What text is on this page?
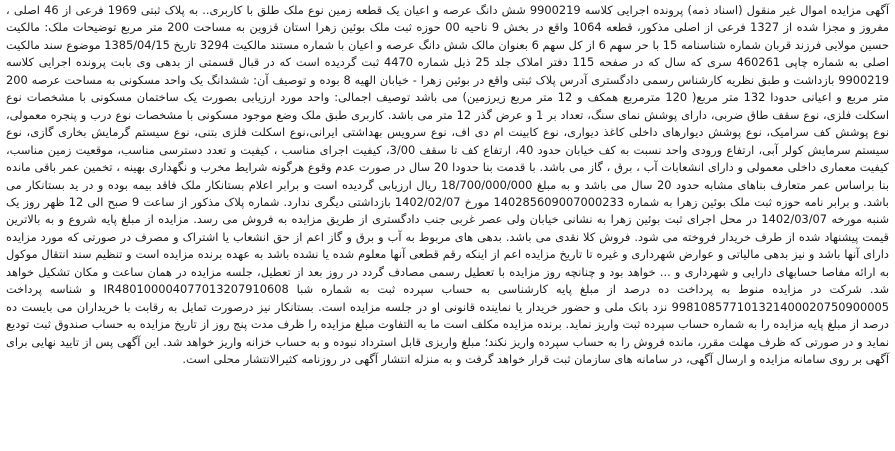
آگهی مزایده اموال غیر منقول (اسناد ذمه) پرونده اجرایی کلاسه 9900219 شش دانگ عرصه و اعیان یک قطعه زمین نوع ملک طلق با کاربری.. به پلاک ثبتی 1969 فرعی از 46 اصلی ، مفروز و مجزا شده از 1327 فرعی از اصلی مذکور، قطعه 1064 واقع در بخش 9 ناحیه 00 حوزه ثبت ملک بوئین زهرا استان قزوین به مساحت 200 متر مربع توضیحات ملک: مالکیت حسین مولایی فرزند قربان شماره شناسنامه 15 با حر سهم 6 از کل سهم 6 بعنوان مالک شش دانگ عرصه و اعیان با شماره مستند مالکیت 3294 تاریخ 1385/04/15 موضوع سند مالکیت اصلی به شماره چاپی 460261 سری که سال که در صفحه 115 دفتر املاک جلد 25 ذیل شماره 4470 ثبت گردیده است که در قبال قسمتی از بدهی وی بابت پرونده اجرایی کلاسه 9900219 بازداشت و طبق نظریه کارشناس رسمی دادگستری آدرس پلاک ثبتی واقع در بوئین زهرا - خیابان الهیه 8 بوده و توصیف آن: ششدانگ یک واحد مسکونی به مساحت عرصه 200 متر مربع و اعیانی حدودا 132 متر مربع( 120 مترمربع همکف و 12 متر مربع زیرزمین) می باشد توصیف اجمالی: واحد مورد ارزیابی بصورت یک ساختمان مسکونی با مشخصات نوع اسکلت فلزی، نوع سقف طاق ضربی، دارای پوشش نمای سنگ، تعداد بر 1 و عرض گذر 12 متر می باشد. کاربری طبق ملک وضع موجود مسکونی با مشخصات نوع درب و پنجره معمولی، نوع پوشش کف سرامیک، نوع پوشش دیوارهای داخلی کاغذ دیواری، نوع کابینت ام دی اف، نوع سرویس بهداشتی ایرانی،نوع اسکلت فلزی بتنی، نوع سیستم گرمایش بخاری گازی، نوع سیستم سرمایش کولر آبی، ارتفاع ورودی واحد نسبت به کف خیابان حدود 40، ارتفاع کف تا سقف 3/00، کیفیت اجرای مناسب ، کیفیت و تعدد دسترسی مناسب، موقعیت زمین مناسب، کیفیت معماری داخلی معمولی و دارای انشعابات آب ، برق ، گاز می باشد. با قدمت بنا حدودا 20 سال در صورت عدم وقوع هرگونه شرایط مخرب و نگهداری بهینه ، تخمین عمر باقی مانده بنا براساس عمر متعارف بناهای مشابه حدود 20 سال می باشد و به مبلغ 18/700/000/000 ریال ارزیابی گردیده است و برابر اعلام بستانکار ملک فاقد بیمه بوده و در ید بستانکار می باشد. و برابر نامه حوزه ثبت ملک بوئین زهرا به شماره 140285609007000233 مورخ 1402/02/07 بازداشتی دیگری ندارد. شماره پلاک مذکور از ساعت 9 صبح الی 12 ظهر روز یک شنبه مورخه 1402/03/07 در محل اجرای ثبت بوئین زهرا به نشانی خیابان ولی عصر غربی جنب دادگستری از طریق مزایده به فروش می رسد. مزایده از مبلغ پایه شروع و به بالاترین قیمت پیشنهاد شده از طرف خریدار فروخته می شود. فروش کلا نقدی می باشد. بدهی های مربوط به آب و برق و گاز اعم از حق انشعاب یا اشتراک و مصرف در صورتی که مورد مزایده دارای آنها باشد و نیز بدهی مالیاتی و عوارض شهرداری و غیره تا تاریخ مزایده اعم از اینکه رقم قطعی آنها معلوم شده یا نشده باشد به عهده برنده مزایده است و تنظیم سند انتقال موکول به ارائه مفاصا حسابهای دارایی و شهرداری و ... خواهد بود و چنانچه روز مزایده با تعطیل رسمی مصادف گردد در روز بعد از تعطیل، جلسه مزایده در همان ساعت و مکان تشکیل خواهد شد. شرکت در مزایده منوط به پرداخت ده درصد از مبلغ پایه کارشناسی به حساب سپرده ثبت به شماره شبا IR480100004077013207910608 و شناسه پرداخت 998108577101321400020750900005 نزد بانک ملی و حضور خریدار یا نماینده قانونی او در جلسه مزایده است. بستانکار نیز درصورت تمایل به رقابت با خریداران می بایست ده درصد از مبلغ پایه مزایده را به شماره حساب سپرده ثبت واریز نماید. برنده مزایده مکلف است ما به التفاوت مبلغ مزایده را ظرف مدت پنج روز از تاریخ مزایده به حساب صندوق ثبت تودیع نماید و در صورتی که ظرف مهلت مقرر، مانده فروش را به حساب سپرده واریز نکند؛ مبلغ واریزی قابل استرداد نبوده و به حساب خزانه واریز خواهد شد. این آگهی پس از تایید نهایی برای آگهی بر روی سامانه مزایده و ارسال آگهی، در سامانه های سازمان ثبت قرار خواهد گرفت و به منزله انتشار آگهی در روزنامه کثیرالانتشار محلی است.
